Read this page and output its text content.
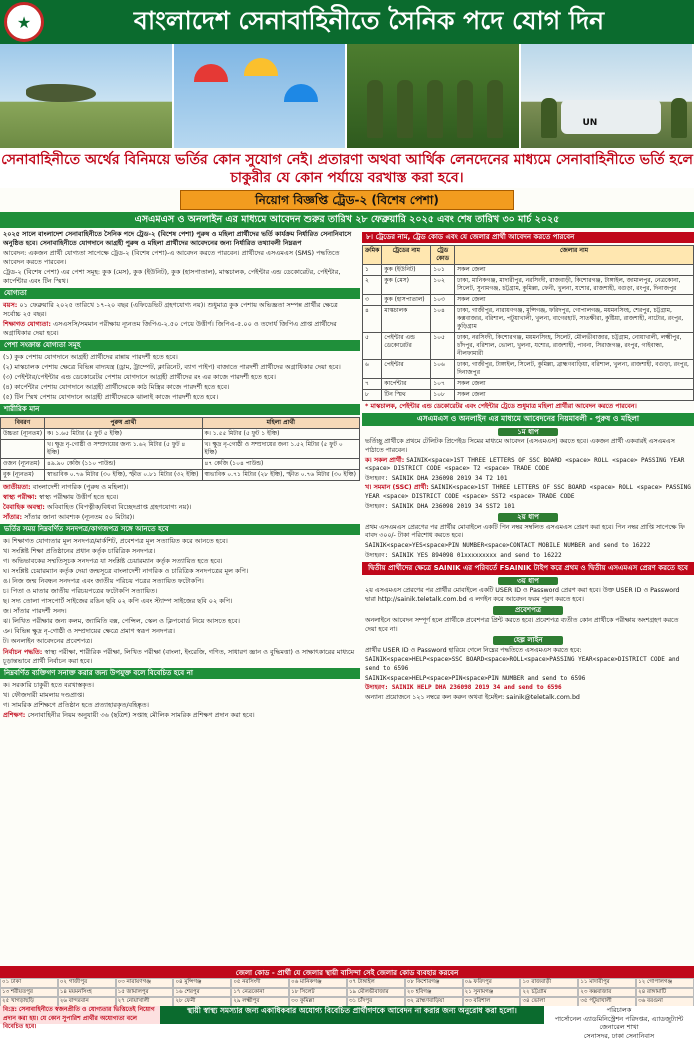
★	বাংলাদেশ সেনাবাহিনীতে সৈনিক পদে যোগ দিন
UN
সেনাবাহিনীতে অর্থের বিনিময়ে ভর্তির কোন সুযোগ নেই। প্রতারণা অথবা আর্থিক লেনদেনের মাধ্যমে সেনাবাহিনীতে ভর্তি হলে
চাকুরীর যে কোন পর্যায়ে বরখাস্ত করা হবে।
নিয়োগ বিজ্ঞপ্তি ট্রেড-২ (বিশেষ পেশা)
এসএমএস ও অনলাইন এর মাধ্যমে আবেদন শুরুর তারিখ ২৮ ফেব্রুয়ারি ২০২৫ এবং শেষ তারিখ ৩০ মার্চ ২০২৫
২০২৫ সালে বাংলাদেশ সেনাবাহিনীতে সৈনিক পদে ট্রেড-২ (বিশেষ পেশা) পুরুষ ও মহিলা প্রার্থীদের ভর্তি কার্যক্রম নির্ধারিত সেনানিবাসে অনুষ্ঠিত হবে। সেনাবাহিনীতে যোগদানে আগ্রহী পুরুষ ও মহিলা প্রার্থীদের আবেদনের জন্য নির্ধারিত তথ্যাবলী নিম্নরূপ
আবেদন: একজন প্রার্থী যোগ্যতা সাপেক্ষে ট্রেড-২ (বিশেষ পেশা)-এ আবেদন করতে পারবেন। প্রার্থীদের এসএমএস (SMS) পদ্ধতিতে আবেদন করতে পারবেন।
ট্রেড-২ (বিশেষ পেশা) এর পেশা সমূহ: কুক (মেস), কুক (ইউনিট), কুক (হাসপাতাল), মাস্কচালক, পেইন্টার এন্ড ডেকোরেটর, পেইন্টার, কার্পেন্টার এবং টিন স্মিথ।
যোগ্যতা
বয়স: ০১ ফেব্রুয়ারি ২০২৫ তারিখে ১৭-২০ বছর (এফিডেভিট গ্রহণযোগ্য নয়)। শুধুমাত্র কুক পেশায় অভিজ্ঞতা সম্পন্ন প্রার্থীর ক্ষেত্রে সর্বোচ্চ ২৫ বছর।
শিক্ষাগত যোগ্যতা: এসএসসি/সমমান পরীক্ষায় ন্যূনতম জিপিএ-২.৫০ পেয়ে উত্তীর্ণ। জিপিএ-৫.০০ ও তদোর্ধ জিপিএ প্রাপ্ত প্রার্থীদের অগ্রাধিকার দেয়া হবে।
পেশা সংক্রান্ত যোগ্যতা সমূহ
(১) কুক পেশায় যোগদানে আগ্রহী প্রার্থীদের রান্নায় পারদর্শী হতে হবে।
(২) মাস্কচালক পেশায় ক্ষেত্রে বিভিন্ন বাদ্যযন্ত্র (ড্রাম, ট্রাম্পেট, ক্লারিনেট, ব্যাগ পাইপ) বাজাতে পারদর্শী প্রার্থীদের অগ্রাধিকার দেয়া হবে।
(৩) পেইন্টার/পেইন্টার এন্ড ডেকোরেটর পেশায় যোগদানে আগ্রহী প্রার্থীদের রং এর কাজে পারদর্শী হতে হবে।
(৪) কার্পেন্টার পেশায় যোগদানে আগ্রহী প্রার্থীদেরকে কাঠ মিস্ত্রির কাজে পারদর্শী হতে হবে।
(৫) টিন স্মিথ পেশায় যোগদানে আগ্রহী প্রার্থীদেরকে ঝালাই কাজে পারদর্শী হতে হবে।
শারীরিক মান
বিবরণ	পুরুষ প্রার্থী	মহিলা প্রার্থী
উচ্চতা (ন্যূনতম)	ক। ১.৬৫ মিটার (৫ ফুট ৫ ইঞ্চি)	ক। ১.৫৫ মিটার (৫ ফুট ১ ইঞ্চি)
	খ। ক্ষুদ্র নৃ-গোষ্ঠী ও সম্প্রদায়ের জন্য ১.৬২ মিটার (৫ ফুট ৪ ইঞ্চি)	খ। ক্ষুদ্র নৃ-গোষ্ঠী ও সম্প্রদায়ের জন্য ১.৫২ মিটার (৫ ফুট ০ ইঞ্চি)
ওজন (ন্যূনতম)	৪৯.৯০ কেজি (১১০ পাউন্ড)	৪৭ কেজি (১০৪ পাউন্ড)
বুক (ন্যূনতম)	স্বাভাবিক ০.৭৬ মিটার (৩০ ইঞ্চি), স্ফীত ০.৮১ মিটার (৩২ ইঞ্চি)	স্বাভাবিক ০.৭১ মিটার (২৮ ইঞ্চি), স্ফীত ০.৭৬ মিটার (৩০ ইঞ্চি)
জাতীয়তা: বাংলাদেশী নাগরিক (পুরুষ ও মহিলা)।
স্বাস্থ্য পরীক্ষা: স্বাস্থ্য পরীক্ষায় উত্তীর্ণ হতে হবে।
বৈবাহিক অবস্থা: অবিবাহিত (বিপত্নীক/বিধবা বিচ্ছেদপ্রাপ্ত গ্রহণযোগ্য নয়)।
সাঁতার: সাঁতার জানা আবশ্যক (ন্যূনতম ৫০ মিটার)।
ভর্তির সময় নিম্নবর্ণিত সনদপত্র/কাগজপত্র সঙ্গে আনতে হবে
ক। শিক্ষাগত যোগ্যতার মূল সনদপত্র/মার্কশিট, প্রবেশপত্র মূল সত্যায়িত করে আনতে হবে।
খ। সংশ্লিষ্ট শিক্ষা প্রতিষ্ঠানের প্রধান কর্তৃক চারিত্রিক সনদপত্র।
গ। অভিভাবকের সম্মতিসূচক সনদপত্র যা সংশ্লিষ্ট চেয়ারম্যান কর্তৃক সত্যায়িত হতে হবে।
ঘ। সংশ্লিষ্ট চেয়ারম্যান কর্তৃক দেয়া জন্মসূত্রে বাংলাদেশী নাগরিক ও চারিত্রিক সনদপত্রের মূল কপি।
ঙ। নিজ জন্ম নিবন্ধন সনদপত্র এবং জাতীয় পরিচয় পত্রের সত্যায়িত ফটোকপি।
চ। পিতা ও মাতার জাতীয় পরিচয়পত্রের ফটোকপি সত্যায়িত।
ছ। সদ্য তোলা পাসপোর্ট সাইজের রঙিন ছবি ০২ কপি এবং স্ট্যাম্প সাইজের ছবি ০২ কপি।
জ। সাঁতার পারদর্শী সনদ।
ঝ। লিখিত পরীক্ষার জন্য কলম, জ্যামিতি বক্স, পেন্সিল, স্কেল ও ক্লিপবোর্ড নিয়ে আসতে হবে।
ঞ। বিভিন্ন ক্ষুদ্র নৃ-গোষ্ঠী ও সম্প্রদায়ের ক্ষেত্রে প্রমাণ স্বরূপ সনদপত্র।
ট। অনলাইন আবেদনের প্রবেশপত্র।
নির্বাচন পদ্ধতি: স্বাস্থ্য পরীক্ষা, শারীরিক পরীক্ষা, লিখিত পরীক্ষা (বাংলা, ইংরেজি, গণিত, সাধারণ জ্ঞান ও বুদ্ধিমত্তা) ও সাক্ষাৎকারের মাধ্যমে চূড়ান্তভাবে প্রার্থী নির্বাচন করা হবে।
নিম্নবর্ণিত ব্যক্তিগণ সনাক্ত করার জন্য উপযুক্ত বলে বিবেচিত হবে না
ক। সরকারি চাকুরী হতে বরখাস্তকৃত।
খ। ফৌজদারী মামলায় দণ্ডপ্রাপ্ত।
গ। সামরিক প্রশিক্ষণে প্রতিষ্ঠান হতে প্রত্যাহারকৃত/বহিষ্কৃত।
প্রশিক্ষণ: সেনাবাহিনীর নিয়ম অনুযায়ী ৩৬ (ছত্রিশ) সপ্তাহ মৌলিক সামরিক প্রশিক্ষণ প্রদান করা হবে।
৮। ট্রেডের নাম, ট্রেড কোড এবং যে জেলার প্রার্থী আবেদন করতে পারবেন
ক্রমিক	ট্রেডের নাম	ট্রেড কোড	জেলার নাম
১	কুক (ইউনিট)	১০১	সকল জেলা
২	কুক (মেস)	১০২	ঢাকা, মানিকগঞ্জ, মাদারীপুর, নরসিংদী, রাজবাড়ী, কিশোরগঞ্জ, টাঙ্গাইল, জামালপুর, নেত্রকোনা, সিলেট, সুনামগঞ্জ, চট্টগ্রাম, কুমিল্লা, ফেনী, খুলনা, যশোর, রাজশাহী, বগুড়া, রংপুর, দিনাজপুর
৩	কুক (হাসপাতাল)	১০৩	সকল জেলা
৪	মাস্কচালক	১০৪	ঢাকা, গাজীপুর, নারায়ণগঞ্জ, মুন্সিগঞ্জ, ফরিদপুর, গোপালগঞ্জ, ময়মনসিংহ, শেরপুর, চট্টগ্রাম, কক্সবাজার, বরিশাল, পটুয়াখালী, খুলনা, বাগেরহাট, সাতক্ষীরা, কুষ্টিয়া, রাজশাহী, নাটোর, রংপুর, কুড়িগ্রাম
৫	পেইন্টার এন্ড ডেকোরেটর	১০৫	ঢাকা, নরসিংদী, কিশোরগঞ্জ, ময়মনসিংহ, সিলেট, মৌলভীবাজার, চট্টগ্রাম, নোয়াখালী, লক্ষ্মীপুর, চাঁদপুর, বরিশাল, ভোলা, খুলনা, যশোর, রাজশাহী, পাবনা, সিরাজগঞ্জ, রংপুর, গাইবান্ধা, নীলফামারী
৬	পেইন্টার	১০৬	ঢাকা, গাজীপুর, টাঙ্গাইল, সিলেট, কুমিল্লা, ব্রাহ্মণবাড়িয়া, বরিশাল, খুলনা, রাজশাহী, বগুড়া, রংপুর, দিনাজপুর
৭	কার্পেন্টার	১০৭	সকল জেলা
৮	টিন স্মিথ	১০৮	সকল জেলা
* মাস্কচালক, পেইন্টার এন্ড ডেকোরেটর এবং পেইন্টার ট্রেডে শুধুমাত্র মহিলা প্রার্থীরা আবেদন করতে পারবেন।
এসএমএস ও অনলাইন এর মাধ্যমে আবেদনের নিয়মাবলী - পুরুষ ও মহিলা
১ম ধাপ
ভর্তিচ্ছু প্রার্থীকে প্রথমে টেলিটক প্রিপেইড সিমের মাধ্যমে আবেদন (এসএমএস) করতে হবে। একজন প্রার্থী একবারই এসএমএস পাঠাতে পারবেন।
ক। সকল প্রার্থী: SAINIK<space>1ST THREE LETTERS OF SSC BOARD <space> ROLL <space> PASSING YEAR <space> DISTRICT CODE <space> T2 <space> TRADE CODE
উদাহরণ: SAINIK DHA 236098 2019 34 T2 101
খ। সমমান (SSC) প্রার্থী: SAINIK<space>1ST THREE LETTERS OF SSC BOARD <space> ROLL <space> PASSING YEAR <space> DISTRICT CODE <space> SST2 <space> TRADE CODE
উদাহরণ: SAINIK DHA 236098 2019 34 SST2 101
২য় ধাপ
প্রথম এসএমএস প্রেরণের পর প্রার্থীর মোবাইলে একটি পিন নম্বর সম্বলিত এসএমএস প্রেরণ করা হবে। পিন নম্বর প্রাপ্তি সাপেক্ষে ফি বাবদ ৩০০/- টাকা পরিশোধ করতে হবে।
SAINIK<space>YES<space>PIN NUMBER<space>CONTACT MOBILE NUMBER and send to 16222
উদাহরণ: SAINIK YES 894098 01xxxxxxxxx and send to 16222
দ্বিতীয় প্রার্থীদের ক্ষেত্রে SAINIK এর পরিবর্তে FSAINIK টাইপ করে প্রথম ও দ্বিতীয় এসএমএস প্রেরণ করতে হবে
৩য় ধাপ
২য় এসএমএস প্রেরণের পর প্রার্থীর মোবাইলে একটি USER ID ও Password প্রেরণ করা হবে। উক্ত USER ID ও Password দ্বারা http://sainik.teletalk.com.bd এ লগইন করে আবেদন ফরম পূরণ করতে হবে।
প্রবেশপত্র
অনলাইনে আবেদন সম্পূর্ণ হলে প্রার্থীকে প্রবেশপত্র প্রিন্ট করতে হবে। প্রবেশপত্র ব্যতীত কোন প্রার্থীকে পরীক্ষায় অংশগ্রহণ করতে দেয়া হবে না।
হেল্প লাইন
প্রার্থীর USER ID ও Password হারিয়ে গেলে নিম্নের পদ্ধতিতে এসএমএস করতে হবে:
SAINIK<space>HELP<space>SSC BOARD<space>ROLL<space>PASSING YEAR<space>DISTRICT CODE and send to 6596
SAINIK<space>HELP<space>PIN<space>PIN NUMBER and send to 6596
উদাহরণ: SAINIK HELP DHA 236098 2019 34 and send to 6596
অন্যান্য প্রয়োজনে ১২১ নম্বরে কল করুন অথবা ইমেইল: sainik@teletalk.com.bd
জেলা কোড - প্রার্থী যে জেলার স্থায়ী বাসিন্দা সেই জেলার কোড ব্যবহার করবেন
০১ ঢাকা	০২ গাজীপুর	০৩ নারায়ণগঞ্জ	০৪ মুন্সিগঞ্জ	০৫ নরসিংদী	০৬ মানিকগঞ্জ	০৭ টাঙ্গাইল	০৮ কিশোরগঞ্জ	০৯ ফরিদপুর	১০ রাজবাড়ী	১১ মাদারীপুর	১২ গোপালগঞ্জ
১৩ শরীয়তপুর	১৪ ময়মনসিংহ	১৫ জামালপুর	১৬ শেরপুর	১৭ নেত্রকোনা	১৮ সিলেট	১৯ মৌলভীবাজার	২০ হবিগঞ্জ	২১ সুনামগঞ্জ	২২ চট্টগ্রাম	২৩ কক্সবাজার	২৪ রাঙ্গামাটি
২৫ খাগড়াছড়ি	২৬ বান্দরবান	২৭ নোয়াখালী	২৮ ফেনী	২৯ লক্ষ্মীপুর	৩০ কুমিল্লা	৩১ চাঁদপুর	৩২ ব্রাহ্মণবাড়িয়া	৩৩ বরিশাল	৩৪ ভোলা	৩৫ পটুয়াখালী	৩৬ বরগুনা
বি:দ্র: সেনাবাহিনীতে স্বজনপ্রীতি ও যোগ্যতার ভিত্তিতেই নিয়োগ প্রদান করা হয়। যে কোন সুপারিশ প্রার্থীর অযোগ্যতা বলে বিবেচিত হবে।
স্থায়ী স্বাস্থ্য সমস্যার জন্য একাধিকবার অযোগ্য বিবেচিত প্রার্থীগণকে আবেদন না করার জন্য অনুরোধ করা হলো।	পরিচালক
পার্সোনেল এ্যাডমিনিস্ট্রেশন পরিদপ্তর, এ্যাডজুট্যান্ট জেনারেল শাখা
সেনাসদর, ঢাকা সেনানিবাস
